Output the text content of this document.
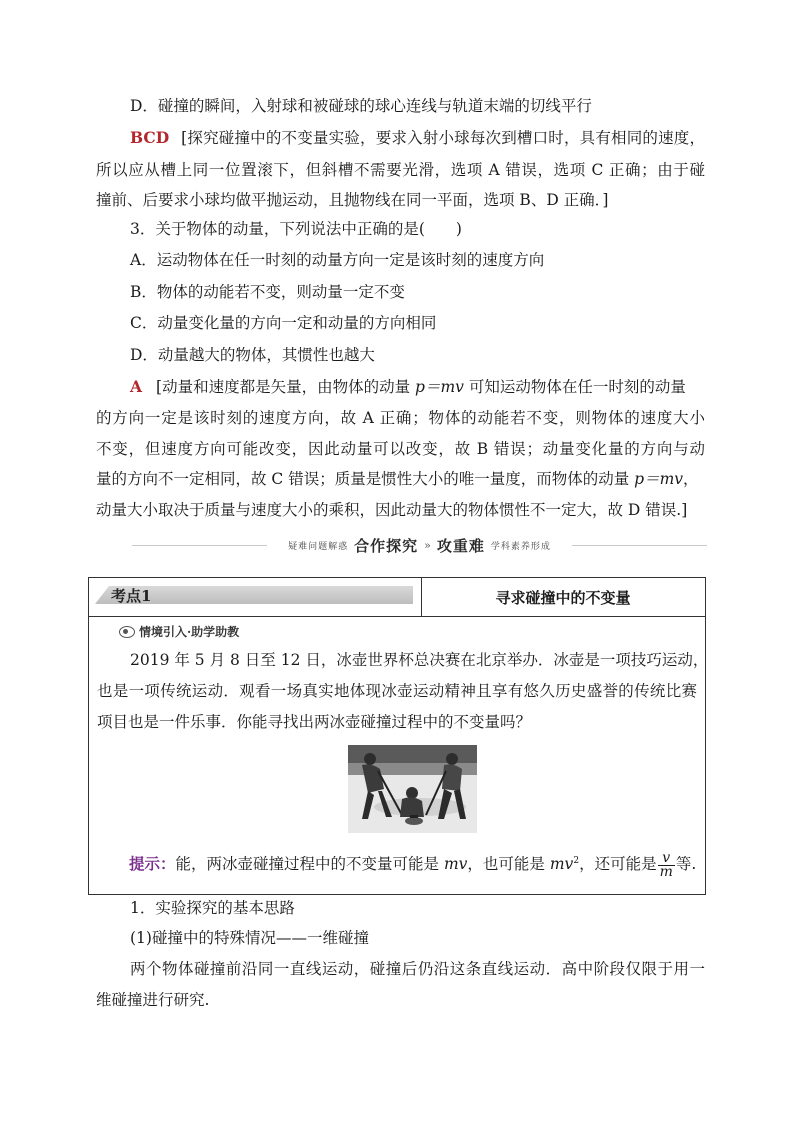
D．碰撞的瞬间，入射球和被碰球的球心连线与轨道末端的切线平行
BCD [探究碰撞中的不变量实验，要求入射小球每次到槽口时，具有相同的速度，
所以应从槽上同一位置滚下，但斜槽不需要光滑，选项 A 错误，选项 C 正确；由于碰
撞前、后要求小球均做平抛运动，且抛物线在同一平面，选项 B、D 正确．]
3．关于物体的动量，下列说法中正确的是(　　)
A．运动物体在任一时刻的动量方向一定是该时刻的速度方向
B．物体的动能若不变，则动量一定不变
C．动量变化量的方向一定和动量的方向相同
D．动量越大的物体，其惯性也越大
A [动量和速度都是矢量，由物体的动量 p＝mv 可知运动物体在任一时刻的动量
的方向一定是该时刻的速度方向，故 A 正确；物体的动能若不变，则物体的速度大小
不变，但速度方向可能改变，因此动量可以改变，故 B 错误；动量变化量的方向与动
量的方向不一定相同，故 C 错误；质量是惯性大小的唯一量度，而物体的动量 p＝mv，
动量大小取决于质量与速度大小的乘积，因此动量大的物体惯性不一定大，故 D 错误.]
疑难问题解惑 合作探究 » 攻重难 学科素养形成
考点1	寻求碰撞中的不变量
情境引入·助学助教
2019 年 5 月 8 日至 12 日，冰壶世界杯总决赛在北京举办．冰壶是一项技巧运动，
也是一项传统运动．观看一场真实地体现冰壶运动精神且享有悠久历史盛誉的传统比赛
项目也是一件乐事．你能寻找出两冰壶碰撞过程中的不变量吗？
提示：能，两冰壶碰撞过程中的不变量可能是 mv，也可能是 $mv^2$，还可能是 $\frac{v}{m}$ 等.
1．实验探究的基本思路
(1)碰撞中的特殊情况——一维碰撞
两个物体碰撞前沿同一直线运动，碰撞后仍沿这条直线运动．高中阶段仅限于用一
维碰撞进行研究.
